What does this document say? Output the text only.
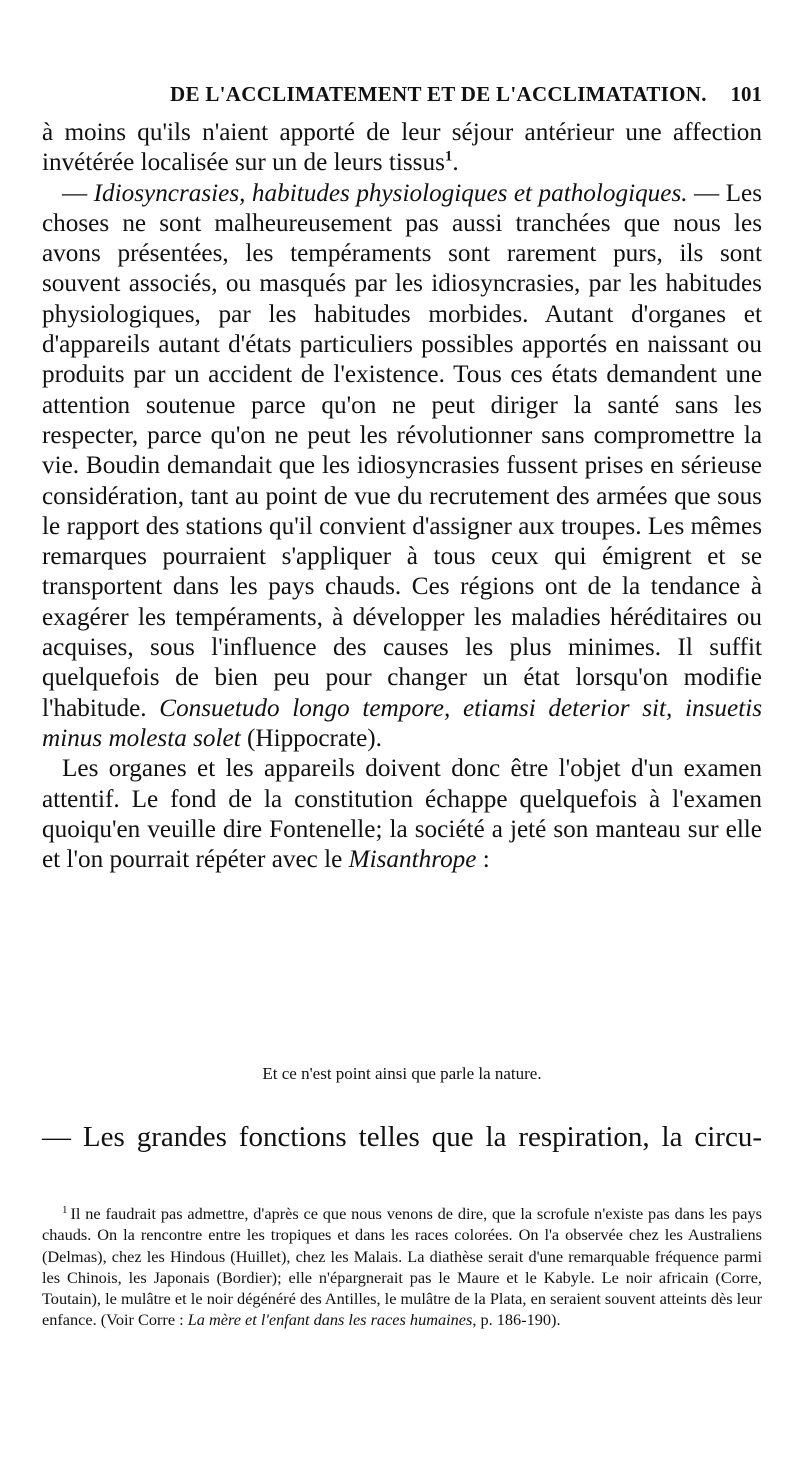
DE L'ACCLIMATEMENT ET DE L'ACCLIMATATION. 101

à moins qu'ils n'aient apporté de leur séjour antérieur une affection invétérée localisée sur un de leurs tissus$^1$.

— Idiosyncrasies, habitudes physiologiques et pathologiques. — Les choses ne sont malheureusement pas aussi tranchées que nous les avons présentées, les tempéraments sont rarement purs, ils sont souvent associés, ou masqués par les idiosyncrasies, par les habitudes physiologiques, par les habitudes morbides. Autant d'organes et d'appareils autant d'états particuliers possibles apportés en naissant ou produits par un accident de l'existence. Tous ces états demandent une attention soutenue parce qu'on ne peut diriger la santé sans les respecter, parce qu'on ne peut les révolutionner sans compromettre la vie. Boudin demandait que les idiosyncrasies fussent prises en sérieuse considération, tant au point de vue du recrutement des armées que sous le rapport des stations qu'il convient d'assigner aux troupes. Les mêmes remarques pourraient s'appliquer à tous ceux qui émigrent et se transportent dans les pays chauds. Ces régions ont de la tendance à exagérer les tempéraments, à développer les maladies héréditaires ou acquises, sous l'influence des causes les plus minimes. Il suffit quelquefois de bien peu pour changer un état lorsqu'on modifie l'habitude. Consuetudo longo tempore, etiamsi deterior sit, insuetis minus molesta solet (Hippocrate).

Les organes et les appareils doivent donc être l'objet d'un examen attentif. Le fond de la constitution échappe quelquefois à l'examen quoiqu'en veuille dire Fontenelle; la société a jeté son manteau sur elle et l'on pourrait répéter avec le Misanthrope :

Et ce n'est point ainsi que parle la nature.
— Les grandes fonctions telles que la respiration, la circu-

$^1$ Il ne faudrait pas admettre, d'après ce que nous venons de dire, que la scrofule n'existe pas dans les pays chauds. On la rencontre entre les tropiques et dans les races colorées. On l'a observée chez les Australiens (Delmas), chez les Hindous (Huillet), chez les Malais. La diathèse serait d'une remarquable fréquence parmi les Chinois, les Japonais (Bordier); elle n'épargnerait pas le Maure et le Kabyle. Le noir africain (Corre, Toutain), le mulâtre et le noir dégénéré des Antilles, le mulâtre de la Plata, en seraient souvent atteints dès leur enfance. (Voir Corre : La mère et l'enfant dans les races humaines, p. 186-190).
